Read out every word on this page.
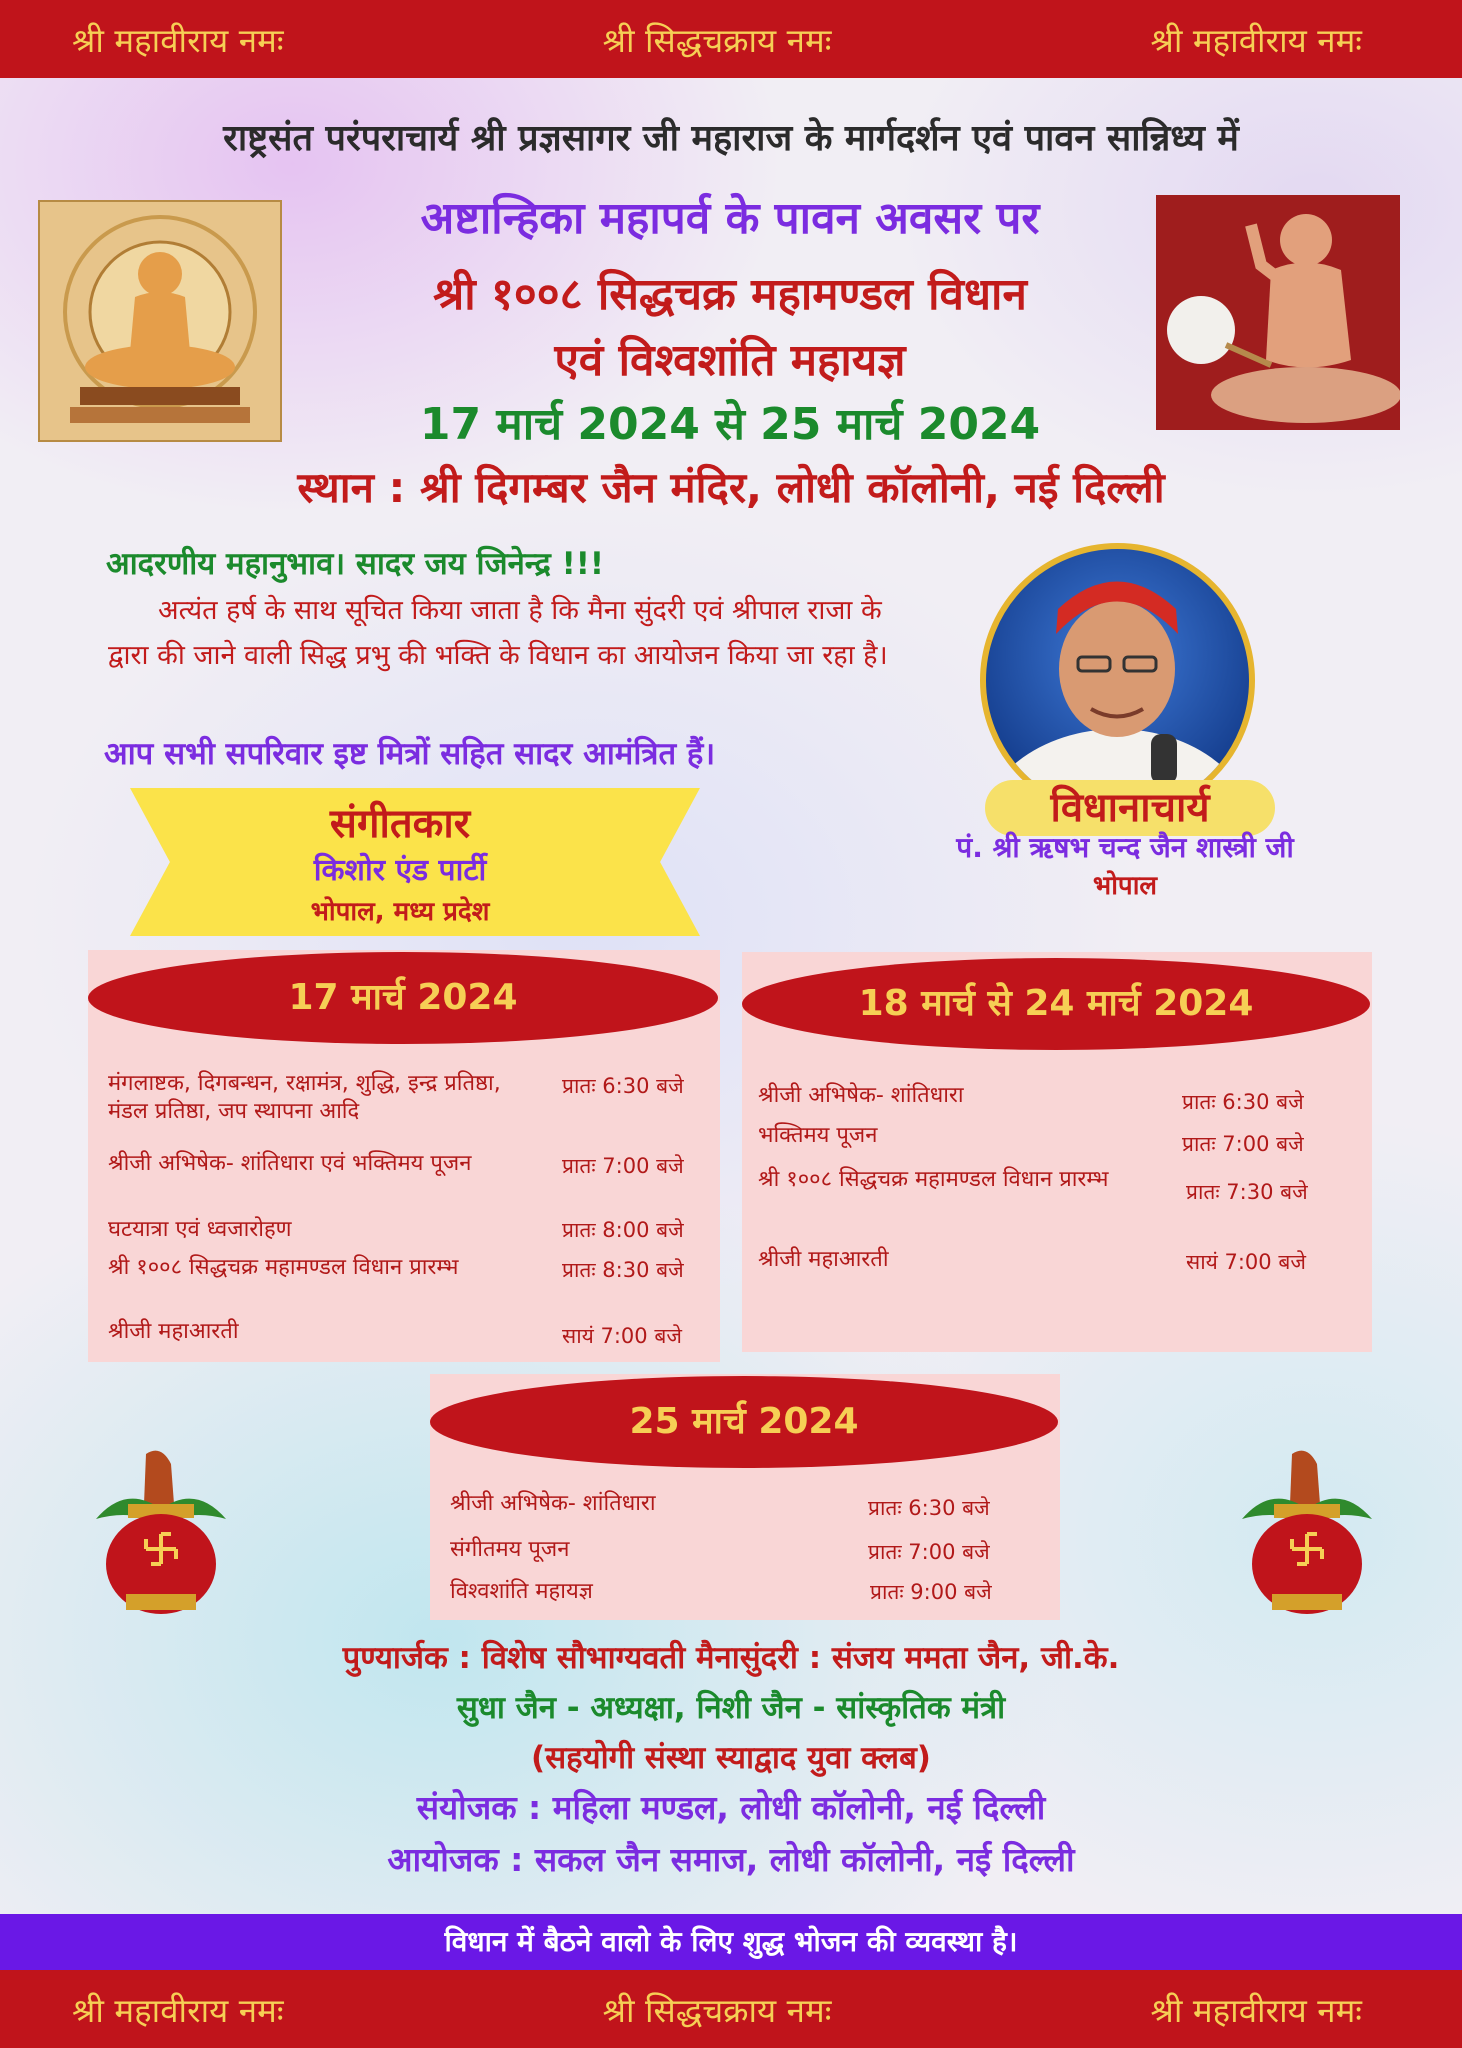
श्री महावीराय नमः	श्री सिद्धचक्राय नमः	श्री महावीराय नमः
राष्ट्रसंत परंपराचार्य श्री प्रज्ञसागर जी महाराज के मार्गदर्शन एवं पावन सान्निध्य में
अष्टान्हिका महापर्व के पावन अवसर पर
श्री १००८ सिद्धचक्र महामण्डल विधान
एवं विश्वशांति महायज्ञ
17 मार्च 2024 से 25 मार्च 2024
स्थान : श्री दिगम्बर जैन मंदिर, लोधी कॉलोनी, नई दिल्ली
आदरणीय महानुभाव। सादर जय जिनेन्द्र !!!
अत्यंत हर्ष के साथ सूचित किया जाता है कि मैना सुंदरी एवं श्रीपाल राजा के द्वारा की जाने वाली सिद्ध प्रभु की भक्ति के विधान का आयोजन किया जा रहा है।
आप सभी सपरिवार इष्ट मित्रों सहित सादर आमंत्रित हैं।
संगीतकार
किशोर एंड पार्टी
भोपाल, मध्य प्रदेश
विधानाचार्य
पं. श्री ऋषभ चन्द जैन शास्त्री जी
भोपाल
17 मार्च 2024
मंगलाष्टक, दिगबन्धन, रक्षामंत्र, शुद्धि, इन्द्र प्रतिष्ठा, मंडल प्रतिष्ठा, जप स्थापना आदि
प्रातः 6:30 बजे
श्रीजी अभिषेक- शांतिधारा एवं भक्तिमय पूजन	प्रातः 7:00 बजे
घटयात्रा एवं ध्वजारोहण	प्रातः 8:00 बजे
श्री १००८ सिद्धचक्र महामण्डल विधान प्रारम्भ	प्रातः 8:30 बजे
श्रीजी महाआरती	सायं 7:00 बजे
18 मार्च से 24 मार्च 2024
श्रीजी अभिषेक- शांतिधारा	प्रातः 6:30 बजे
भक्तिमय पूजन	प्रातः 7:00 बजे
श्री १००८ सिद्धचक्र महामण्डल विधान प्रारम्भ	प्रातः 7:30 बजे
श्रीजी महाआरती	सायं 7:00 बजे
25 मार्च 2024
श्रीजी अभिषेक- शांतिधारा	प्रातः 6:30 बजे
संगीतमय पूजन	प्रातः 7:00 बजे
विश्वशांति महायज्ञ	प्रातः 9:00 बजे
पुण्यार्जक : विशेष सौभाग्यवती मैनासुंदरी : संजय ममता जैन, जी.के.
सुधा जैन - अध्यक्षा, निशी जैन - सांस्कृतिक मंत्री
(सहयोगी संस्था स्याद्वाद युवा क्लब)
संयोजक : महिला मण्डल, लोधी कॉलोनी, नई दिल्ली
आयोजक : सकल जैन समाज, लोधी कॉलोनी, नई दिल्ली
विधान में बैठने वालो के लिए शुद्ध भोजन की व्यवस्था है।
श्री महावीराय नमः	श्री सिद्धचक्राय नमः	श्री महावीराय नमः
